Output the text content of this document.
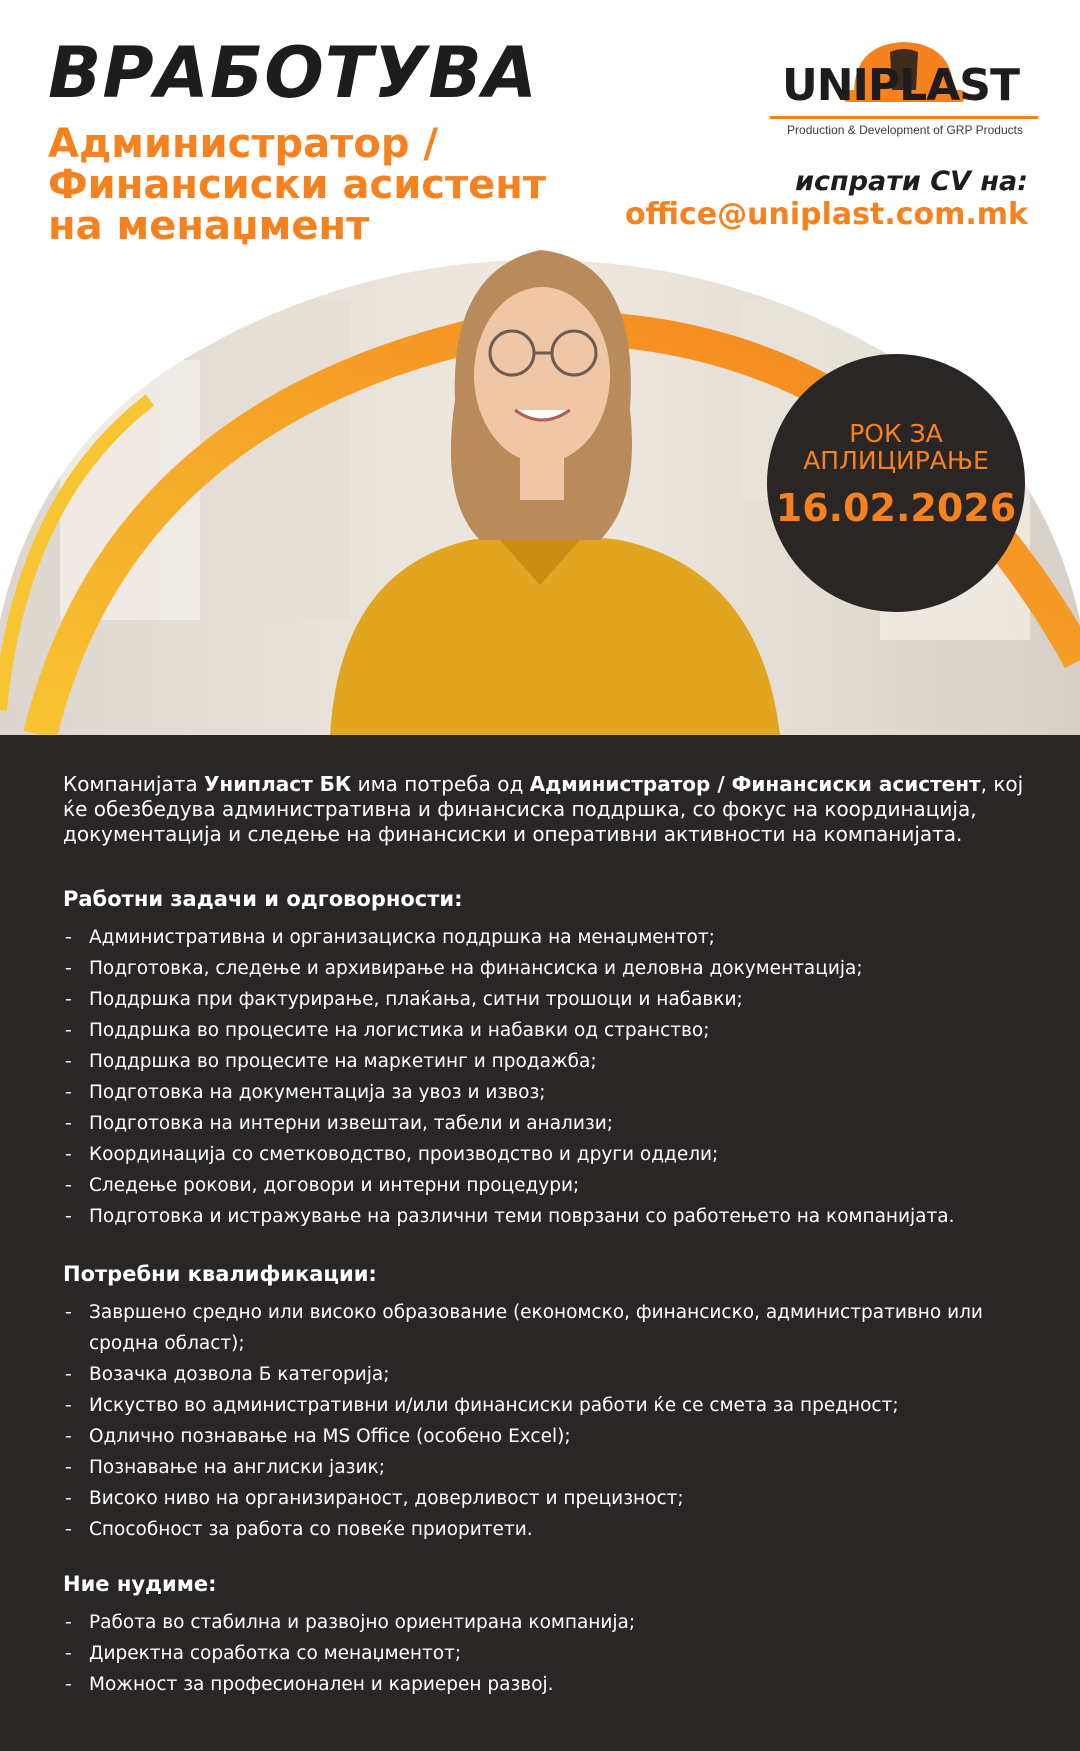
ВРАБОТУВА
Администратор /
Финансиски асистент
на менаџмент
UNIPLAST
Production & Development of GRP Products
испрати CV на:
office@uniplast.com.mk
РОК ЗА
АПЛИЦИРАЊЕ
16.02.2026
Компанијата Унипласт БК има потреба од Администратор / Финансиски асистент, кој
ќе обезбедува административна и финансиска поддршка, со фокус на координација,
документација и следење на финансиски и оперативни активности на компанијата.
Работни задачи и одговорности:
- Административна и организациска поддршка на менаџментот;
- Подготовка, следење и архивирање на финансиска и деловна документација;
- Поддршка при фактурирање, плаќања, ситни трошоци и набавки;
- Поддршка во процесите на логистика и набавки од странство;
- Поддршка во процесите на маркетинг и продажба;
- Подготовка на документација за увоз и извоз;
- Подготовка на интерни извештаи, табели и анализи;
- Координација со сметководство, производство и други оддели;
- Следење рокови, договори и интерни процедури;
- Подготовка и истражување на различни теми поврзани со работењето на компанијата.
Потребни квалификации:
- Завршено средно или високо образование (економско, финансиско, административно или сродна област);
- Возачка дозвола Б категорија;
- Искуство во административни и/или финансиски работи ќе се смета за предност;
- Одлично познавање на MS Office (особено Excel);
- Познавање на англиски јазик;
- Високо ниво на организираност, доверливост и прецизност;
- Способност за работа со повеќе приоритети.
Ние нудиме:
- Работа во стабилна и развојно ориентирана компанија;
- Директна соработка со менаџментот;
- Можност за професионален и кариерен развој.
